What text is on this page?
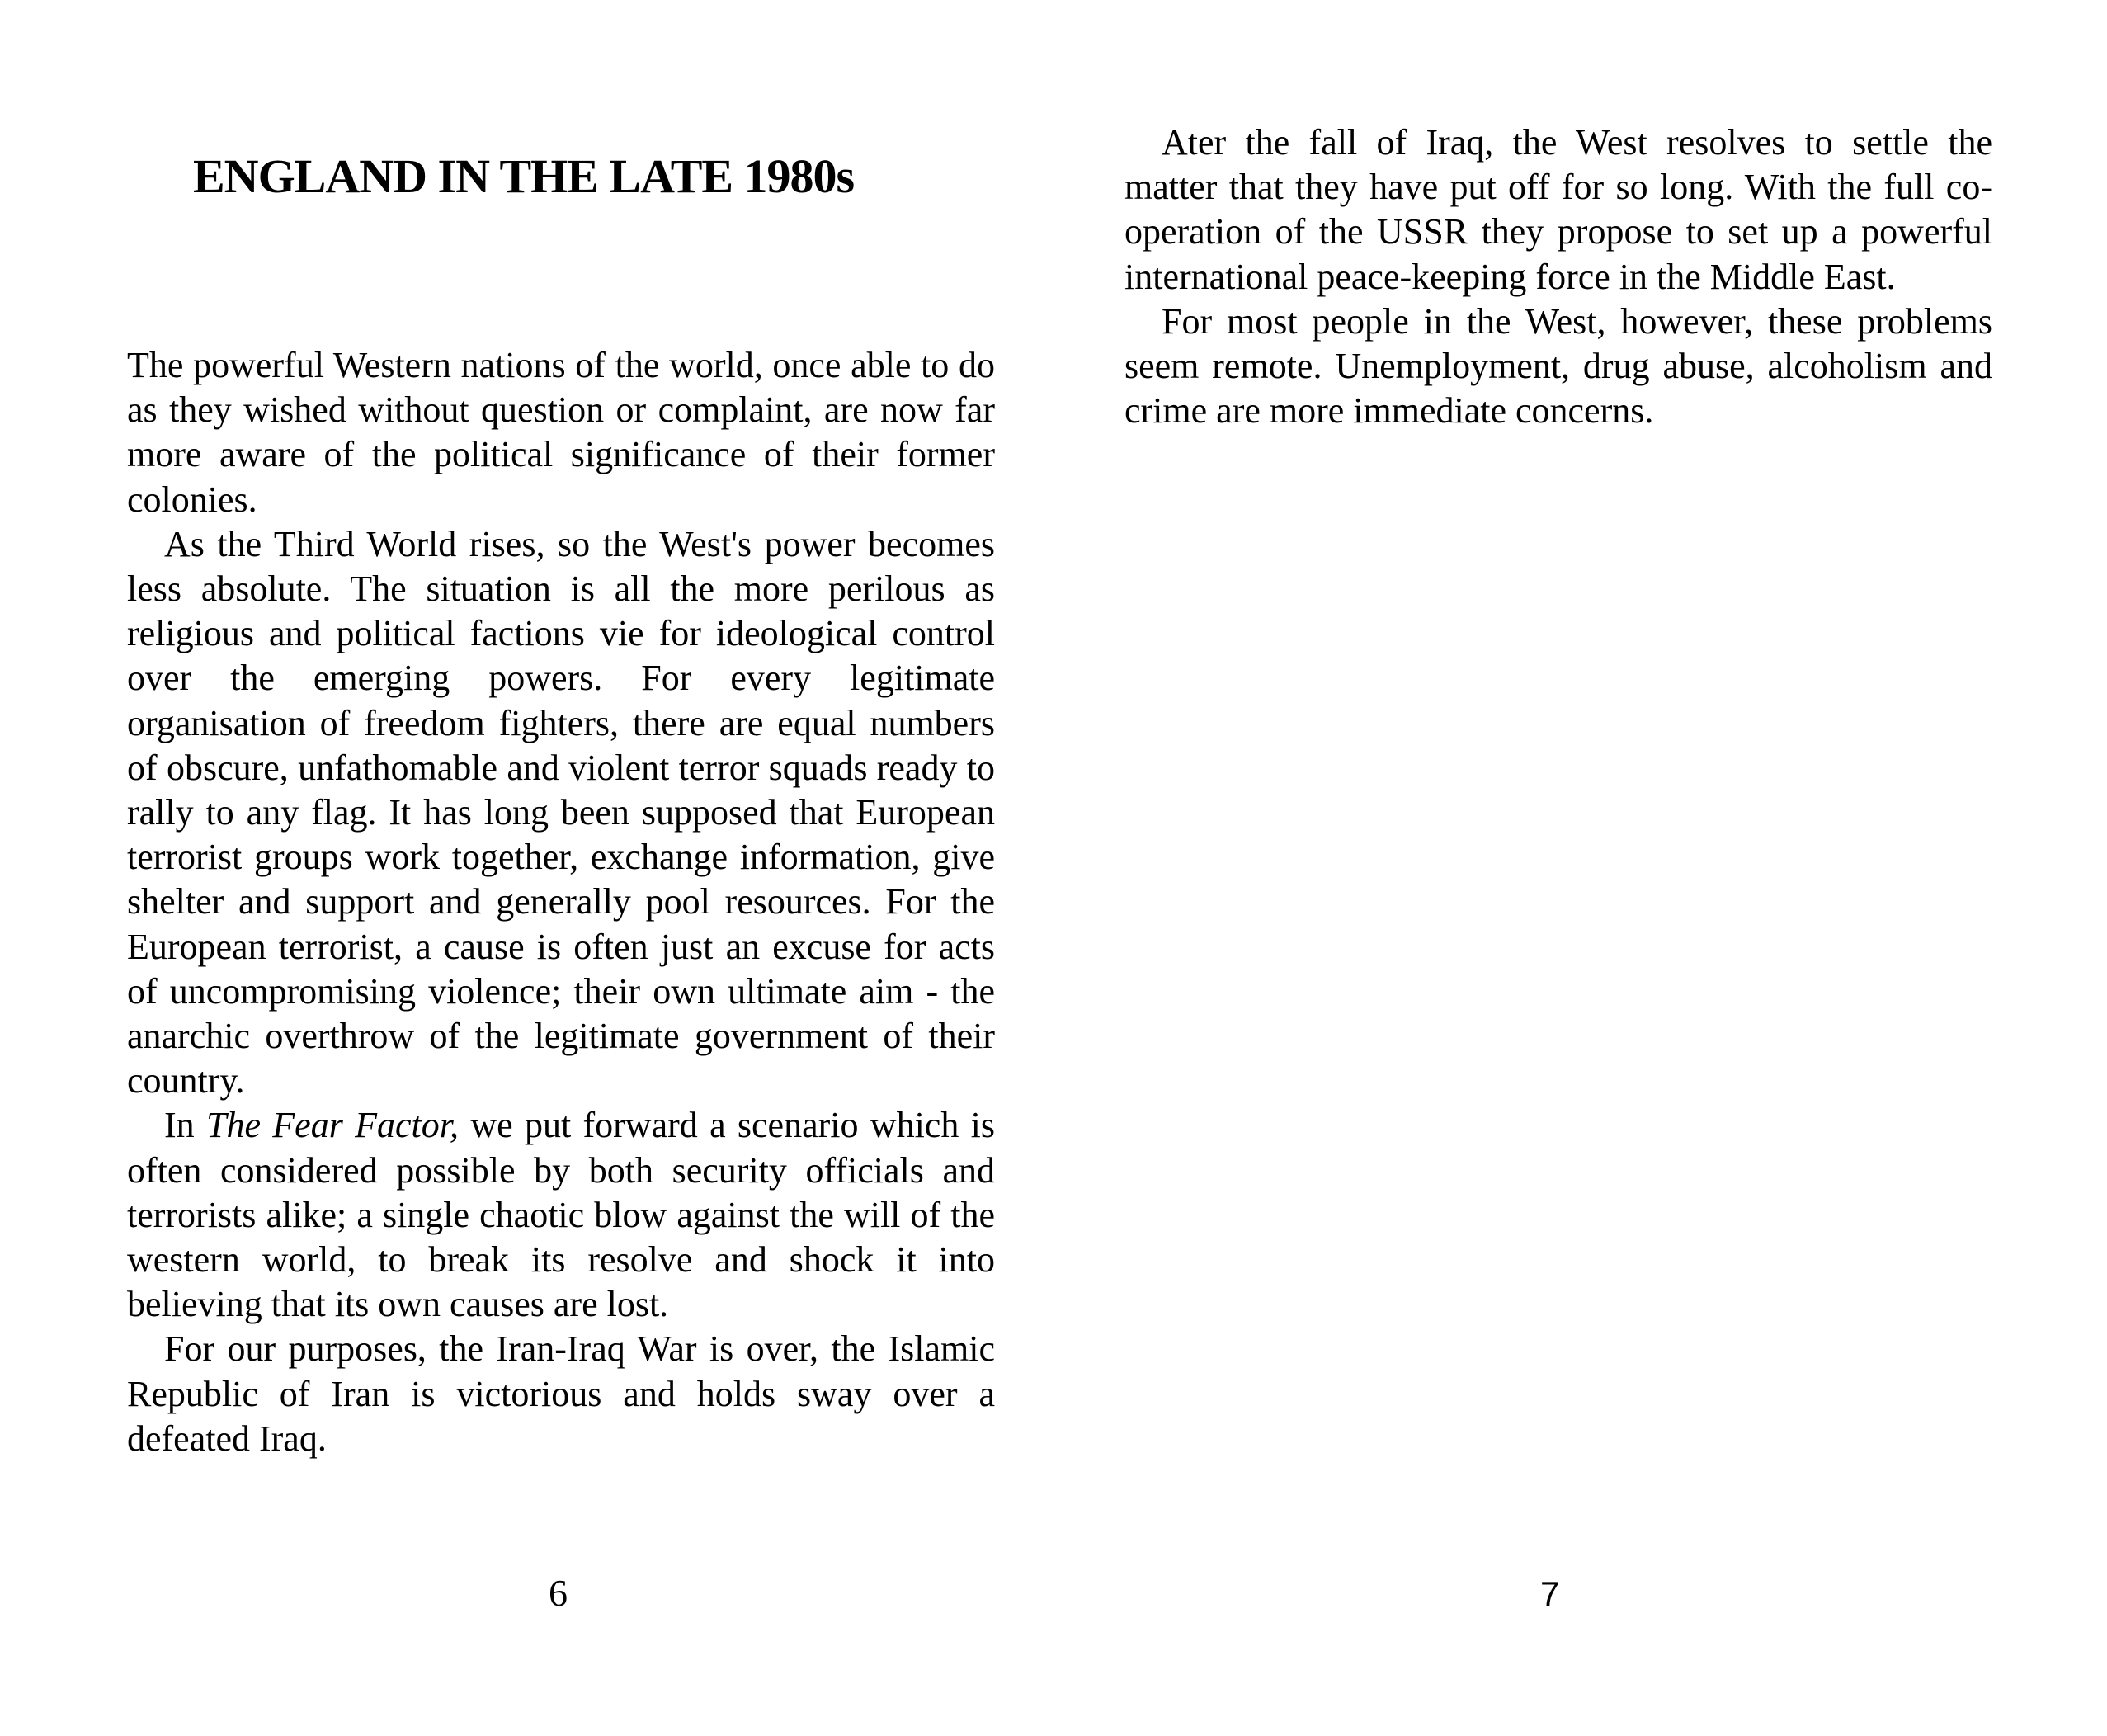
ENGLAND IN THE LATE 1980s

The powerful Western nations of the world, once able to do as they wished without question or complaint, are now far more aware of the political significance of their former colonies.

As the Third World rises, so the West's power becomes less absolute. The situation is all the more perilous as religious and political factions vie for ideological control over the emerging powers. For every legitimate organisation of freedom fighters, there are equal numbers of obscure, unfathomable and violent terror squads ready to rally to any flag. It has long been supposed that European terrorist groups work together, exchange information, give shelter and support and generally pool resources. For the European terrorist, a cause is often just an excuse for acts of uncompromising violence; their own ultimate aim - the anarchic overthrow of the legitimate government of their country.

In The Fear Factor, we put forward a scenario which is often considered possible by both security officials and terrorists alike; a single chaotic blow against the will of the western world, to break its resolve and shock it into believing that its own causes are lost.

For our purposes, the Iran-Iraq War is over, the Islamic Republic of Iran is victorious and holds sway over a defeated Iraq.

6

Ater the fall of Iraq, the West resolves to settle the matter that they have put off for so long. With the full co-operation of the USSR they propose to set up a powerful international peace-keeping force in the Middle East.

For most people in the West, however, these problems seem remote. Unemployment, drug abuse, alcoholism and crime are more immediate concerns.

7
